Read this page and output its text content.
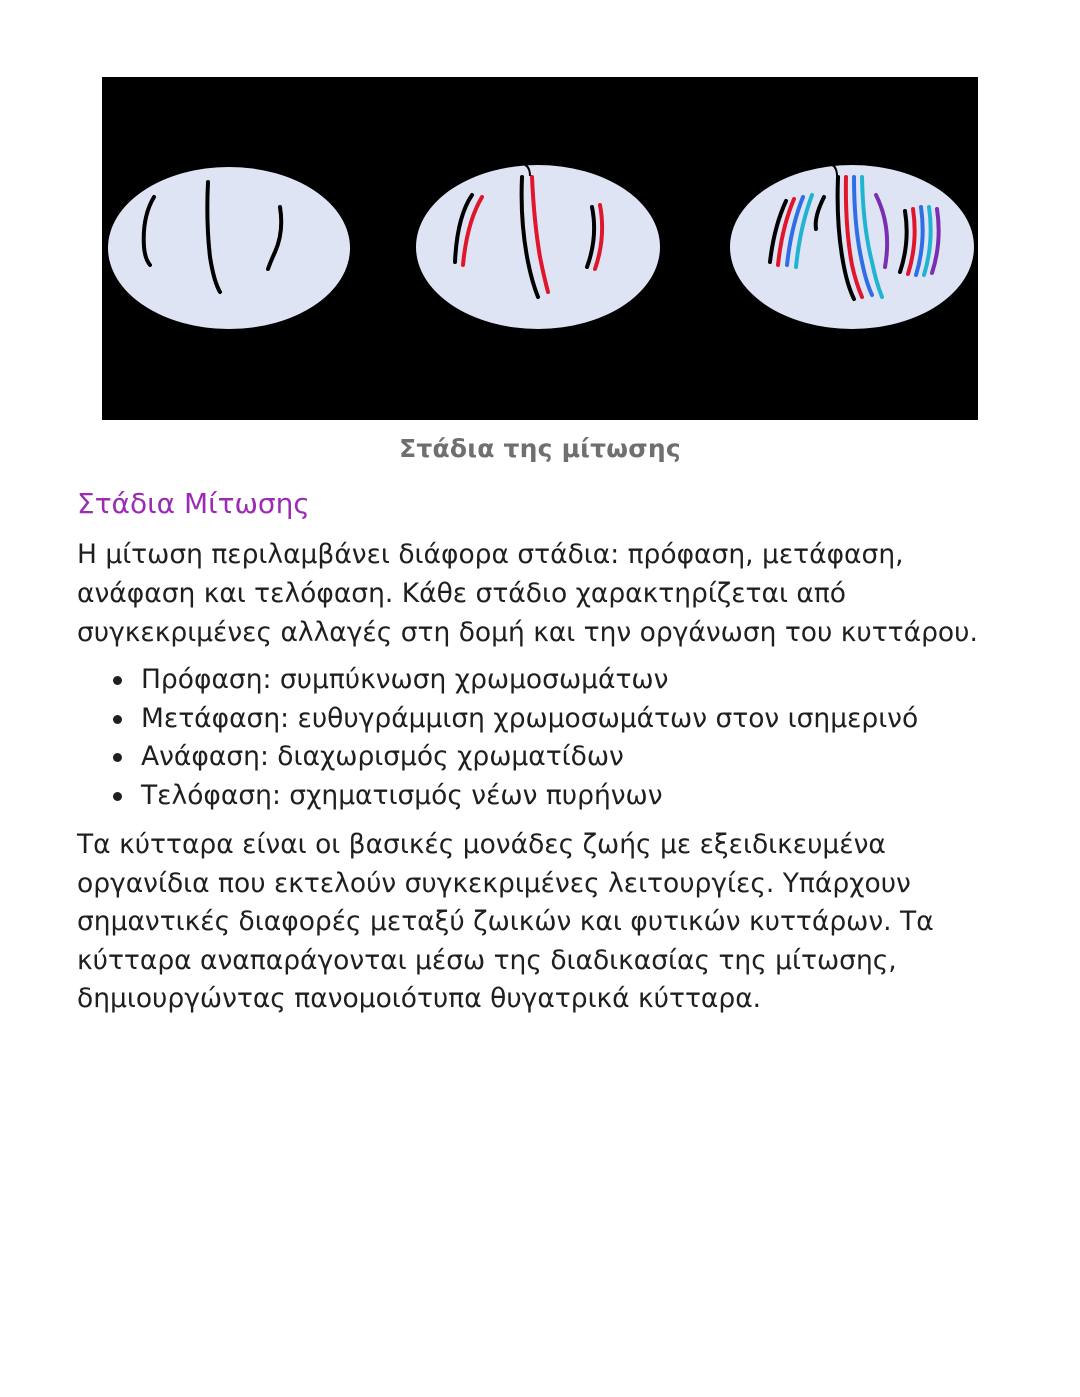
Στάδια της μίτωσης
Στάδια Μίτωσης

Η μίτωση περιλαμβάνει διάφορα στάδια: πρόφαση, μετάφαση, ανάφαση και τελόφαση. Κάθε στάδιο χαρακτηρίζεται από συγκεκριμένες αλλαγές στη δομή και την οργάνωση του κυττάρου.

Πρόφαση: συμπύκνωση χρωμοσωμάτων
Μετάφαση: ευθυγράμμιση χρωμοσωμάτων στον ισημερινό
Ανάφαση: διαχωρισμός χρωματίδων
Τελόφαση: σχηματισμός νέων πυρήνων

Τα κύτταρα είναι οι βασικές μονάδες ζωής με εξειδικευμένα οργανίδια που εκτελούν συγκεκριμένες λειτουργίες. Υπάρχουν σημαντικές διαφορές μεταξύ ζωικών και φυτικών κυττάρων. Τα κύτταρα αναπαράγονται μέσω της διαδικασίας της μίτωσης, δημιουργώντας πανομοιότυπα θυγατρικά κύτταρα.
